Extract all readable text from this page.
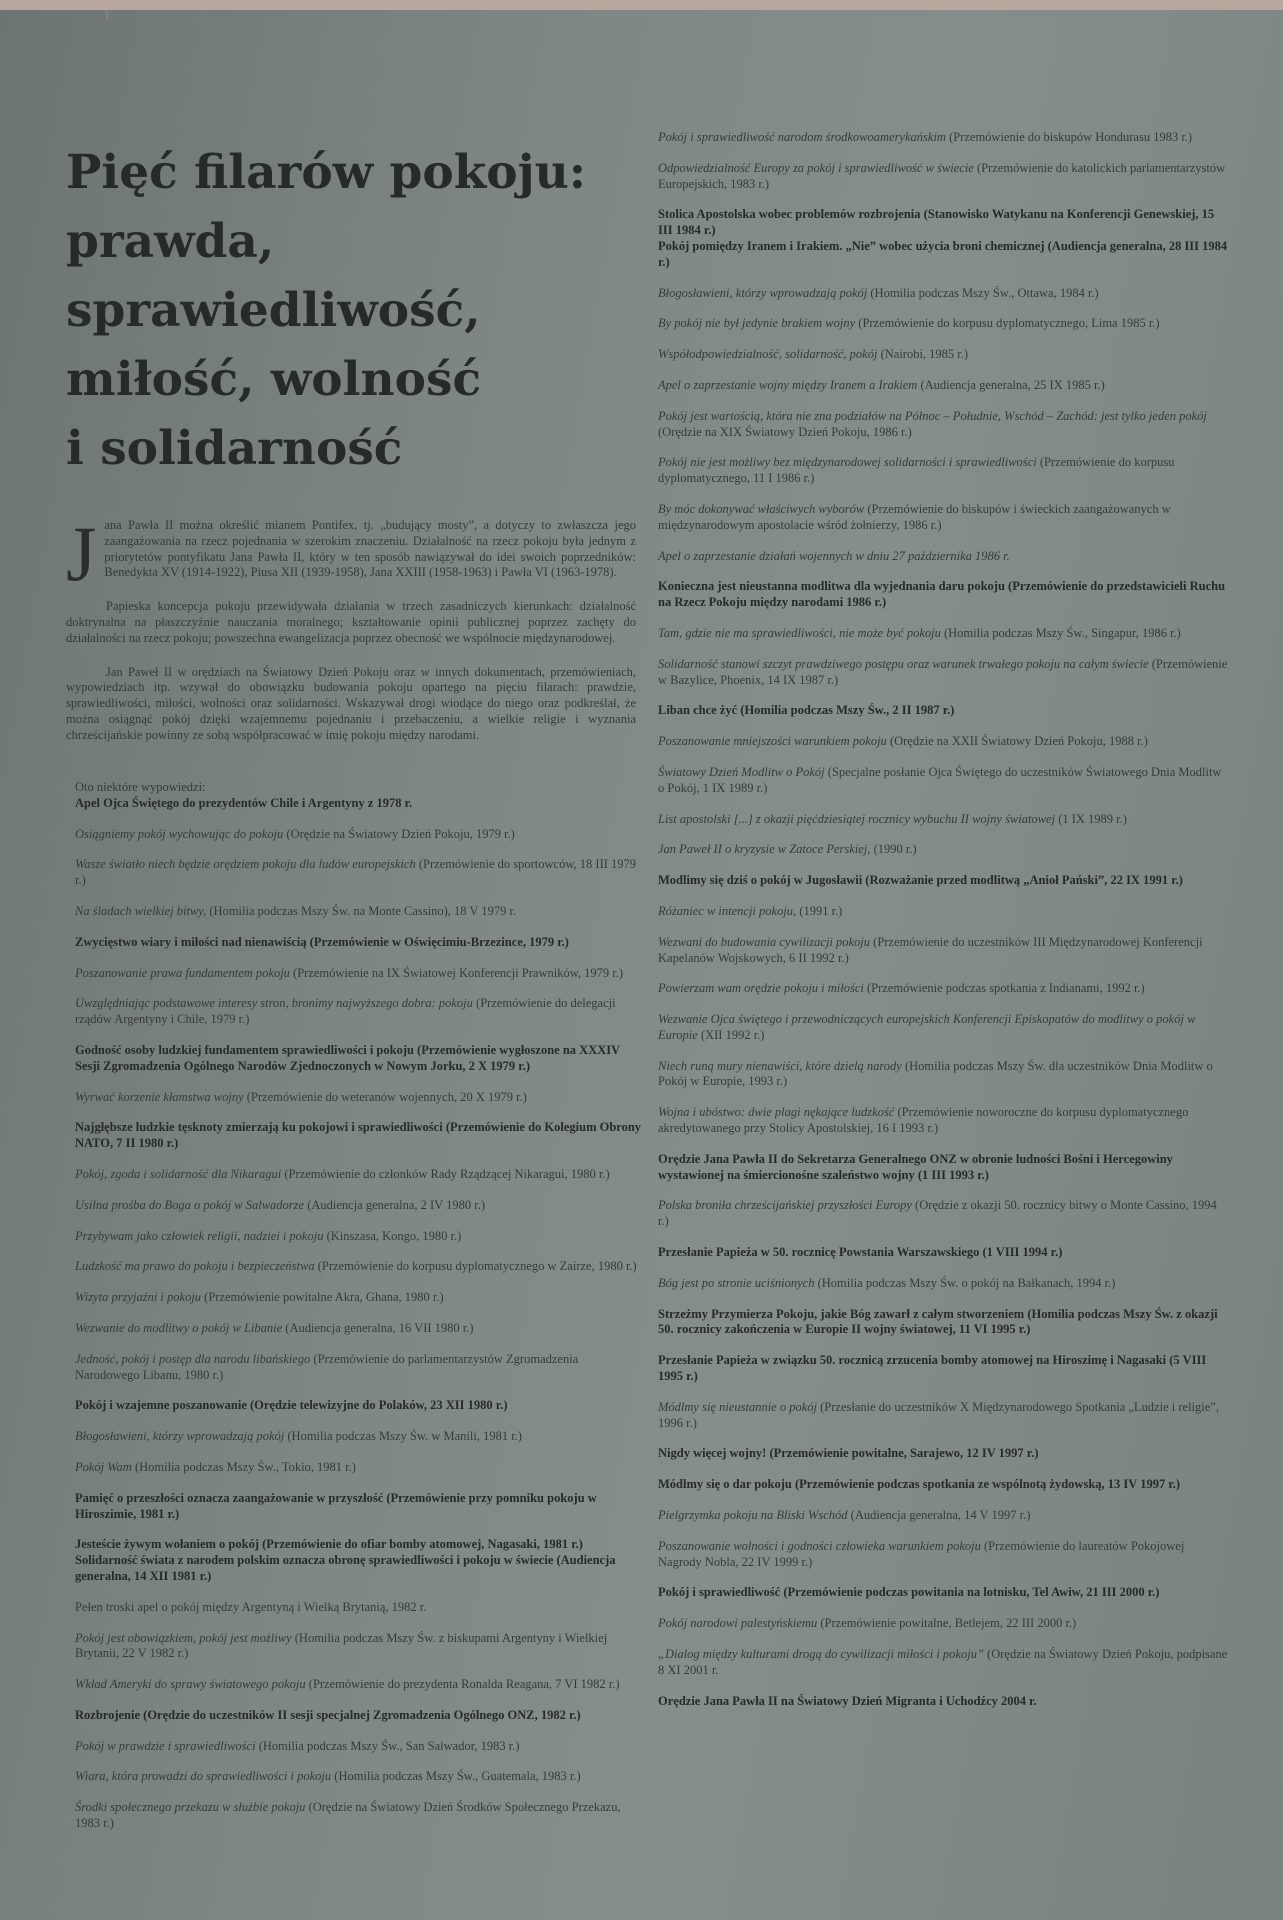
Pięć filarów pokoju:
prawda,
sprawiedliwość,
miłość, wolność
i solidarność

Jana Pawła II można określić mianem Pontifex, tj. „budujący mosty”, a dotyczy to zwłaszcza jego zaangażowania na rzecz pojednania w szerokim znaczeniu. Działalność na rzecz pokoju była jednym z priorytetów pontyfikatu Jana Pawła II, który w ten sposób nawiązywał do idei swoich poprzedników: Benedykta XV (1914-1922), Piusa XII (1939-1958), Jana XXIII (1958-1963) i Pawła VI (1963-1978).

Papieska koncepcja pokoju przewidywała działania w trzech zasadniczych kierunkach: działalność doktrynalna na płaszczyźnie nauczania moralnego; kształtowanie opinii publicznej poprzez zachęty do działalności na rzecz pokoju; powszechna ewangelizacja poprzez obecność we wspólnocie międzynarodowej.

Jan Paweł II w orędziach na Światowy Dzień Pokoju oraz w innych dokumentach, przemówieniach, wypowiedziach itp. wzywał do obowiązku budowania pokoju opartego na pięciu filarach: prawdzie, sprawiedliwości, miłości, wolności oraz solidarności. Wskazywał drogi wiodące do niego oraz podkreślał, że można osiągnąć pokój dzięki wzajemnemu pojednaniu i przebaczeniu, a wielkie religie i wyznania chrześcijańskie powinny ze sobą współpracować w imię pokoju między narodami.

Oto niektóre wypowiedzi:

Apel Ojca Świętego do prezydentów Chile i Argentyny z 1978 r.

Osiągniemy pokój wychowując do pokoju (Orędzie na Światowy Dzień Pokoju, 1979 r.)

Wasze światło niech będzie orędziem pokoju dla ludów europejskich (Przemówienie do sportowców, 18 III 1979 r.)

Na śladach wielkiej bitwy, (Homilia podczas Mszy Św. na Monte Cassino), 18 V 1979 r.

Zwycięstwo wiary i miłości nad nienawiścią (Przemówienie w Oświęcimiu-Brzezince, 1979 r.)

Poszanowanie prawa fundamentem pokoju (Przemówienie na IX Światowej Konferencji Prawników, 1979 r.)

Uwzględniając podstawowe interesy stron, bronimy najwyższego dobra: pokoju (Przemówienie do delegacji rządów Argentyny i Chile, 1979 r.)

Godność osoby ludzkiej fundamentem sprawiedliwości i pokoju (Przemówienie wygłoszone na XXXIV Sesji Zgromadzenia Ogólnego Narodów Zjednoczonych w Nowym Jorku, 2 X 1979 r.)

Wyrwać korzenie kłamstwa wojny (Przemówienie do weteranów wojennych, 20 X 1979 r.)

Najgłębsze ludzkie tęsknoty zmierzają ku pokojowi i sprawiedliwości (Przemówienie do Kolegium Obrony NATO, 7 II 1980 r.)

Pokój, zgoda i solidarność dla Nikaragui (Przemówienie do członków Rady Rządzącej Nikaragui, 1980 r.)

Usilna prośba do Boga o pokój w Salwadorze (Audiencja generalna, 2 IV 1980 r.)

Przybywam jako człowiek religii, nadziei i pokoju (Kinszasa, Kongo, 1980 r.)

Ludzkość ma prawo do pokoju i bezpieczeństwa (Przemówienie do korpusu dyplomatycznego w Zairze, 1980 r.)

Wizyta przyjaźni i pokoju (Przemówienie powitalne Akra, Ghana, 1980 r.)

Wezwanie do modlitwy o pokój w Libanie (Audiencja generalna, 16 VII 1980 r.)

Jedność, pokój i postęp dla narodu libańskiego (Przemówienie do parlamentarzystów Zgromadzenia Narodowego Libanu, 1980 r.)

Pokój i wzajemne poszanowanie (Orędzie telewizyjne do Polaków, 23 XII 1980 r.)

Błogosławieni, którzy wprowadzają pokój (Homilia podczas Mszy Św. w Manili, 1981 r.)

Pokój Wam (Homilia podczas Mszy Św., Tokio, 1981 r.)

Pamięć o przeszłości oznacza zaangażowanie w przyszłość (Przemówienie przy pomniku pokoju w Hiroszimie, 1981 r.)

Jesteście żywym wołaniem o pokój (Przemówienie do ofiar bomby atomowej, Nagasaki, 1981 r.)

Solidarność świata z narodem polskim oznacza obronę sprawiedliwości i pokoju w świecie (Audiencja generalna, 14 XII 1981 r.)

Pełen troski apel o pokój między Argentyną i Wielką Brytanią, 1982 r.

Pokój jest obowiązkiem, pokój jest możliwy (Homilia podczas Mszy Św. z biskupami Argentyny i Wielkiej Brytanii, 22 V 1982 r.)

Wkład Ameryki do sprawy światowego pokoju (Przemówienie do prezydenta Ronalda Reagana, 7 VI 1982 r.)

Rozbrojenie (Orędzie do uczestników II sesji specjalnej Zgromadzenia Ogólnego ONZ, 1982 r.)

Pokój w prawdzie i sprawiedliwości (Homilia podczas Mszy Św., San Salwador, 1983 r.)

Wiara, która prowadzi do sprawiedliwości i pokoju (Homilia podczas Mszy Św., Guatemala, 1983 r.)

Środki społecznego przekazu w służbie pokoju (Orędzie na Światowy Dzień Środków Społecznego Przekazu, 1983 r.)

Pokój i sprawiedliwość narodom środkowoamerykańskim (Przemówienie do biskupów Hondurasu 1983 r.)

Odpowiedzialność Europy za pokój i sprawiedliwość w świecie (Przemówienie do katolickich parlamentarzystów Europejskich, 1983 r.)

Stolica Apostolska wobec problemów rozbrojenia (Stanowisko Watykanu na Konferencji Genewskiej, 15 III 1984 r.)

Pokój pomiędzy Iranem i Irakiem. „Nie” wobec użycia broni chemicznej (Audiencja generalna, 28 III 1984 r.)

Błogosławieni, którzy wprowadzają pokój (Homilia podczas Mszy Św., Ottawa, 1984 r.)

By pokój nie był jedynie brakiem wojny (Przemówienie do korpusu dyplomatycznego, Lima 1985 r.)

Współodpowiedzialność, solidarność, pokój (Nairobi, 1985 r.)

Apel o zaprzestanie wojny między Iranem a Irakiem (Audiencja generalna, 25 IX 1985 r.)

Pokój jest wartością, która nie zna podziałów na Północ – Południe, Wschód – Zachód: jest tylko jeden pokój (Orędzie na XIX Światowy Dzień Pokoju, 1986 r.)

Pokój nie jest możliwy bez międzynarodowej solidarności i sprawiedliwości (Przemówienie do korpusu dyplomatycznego, 11 I 1986 r.)

By móc dokonywać właściwych wyborów (Przemówienie do biskupów i świeckich zaangażowanych w międzynarodowym apostolacie wśród żołnierzy, 1986 r.)

Apel o zaprzestanie działań wojennych w dniu 27 października 1986 r.

Konieczna jest nieustanna modlitwa dla wyjednania daru pokoju (Przemówienie do przedstawicieli Ruchu na Rzecz Pokoju między narodami 1986 r.)

Tam, gdzie nie ma sprawiedliwości, nie może być pokoju (Homilia podczas Mszy Św., Singapur, 1986 r.)

Solidarność stanowi szczyt prawdziwego postępu oraz warunek trwałego pokoju na całym świecie (Przemówienie w Bazylice, Phoenix, 14 IX 1987 r.)

Liban chce żyć (Homilia podczas Mszy Św., 2 II 1987 r.)

Poszanowanie mniejszości warunkiem pokoju (Orędzie na XXII Światowy Dzień Pokoju, 1988 r.)

Światowy Dzień Modlitw o Pokój (Specjalne posłanie Ojca Świętego do uczestników Światowego Dnia Modlitw o Pokój, 1 IX 1989 r.)

List apostolski [...] z okazji pięćdziesiątej rocznicy wybuchu II wojny światowej (1 IX 1989 r.)

Jan Paweł II o kryzysie w Zatoce Perskiej, (1990 r.)

Modlimy się dziś o pokój w Jugosławii (Rozważanie przed modlitwą „Anioł Pański”, 22 IX 1991 r.)

Różaniec w intencji pokoju, (1991 r.)

Wezwani do budowania cywilizacji pokoju (Przemówienie do uczestników III Międzynarodowej Konferencji Kapelanów Wojskowych, 6 II 1992 r.)

Powierzam wam orędzie pokoju i miłości (Przemówienie podczas spotkania z Indianami, 1992 r.)

Wezwanie Ojca świętego i przewodniczących europejskich Konferencji Episkopatów do modlitwy o pokój w Europie (XII 1992 r.)

Niech runą mury nienawiści, które dzielą narody (Homilia podczas Mszy Św. dla uczestników Dnia Modlitw o Pokój w Europie, 1993 r.)

Wojna i ubóstwo: dwie plagi nękające ludzkość (Przemówienie noworoczne do korpusu dyplomatycznego akredytowanego przy Stolicy Apostolskiej, 16 I 1993 r.)

Orędzie Jana Pawła II do Sekretarza Generalnego ONZ w obronie ludności Bośni i Hercegowiny wystawionej na śmiercionośne szaleństwo wojny (1 III 1993 r.)

Polska broniła chrześcijańskiej przyszłości Europy (Orędzie z okazji 50. rocznicy bitwy o Monte Cassino, 1994 r.)

Przesłanie Papieża w 50. rocznicę Powstania Warszawskiego (1 VIII 1994 r.)

Bóg jest po stronie uciśnionych (Homilia podczas Mszy Św. o pokój na Bałkanach, 1994 r.)

Strzeżmy Przymierza Pokoju, jakie Bóg zawarł z całym stworzeniem (Homilia podczas Mszy Św. z okazji 50. rocznicy zakończenia w Europie II wojny światowej, 11 VI 1995 r.)

Przesłanie Papieża w związku 50. rocznicą zrzucenia bomby atomowej na Hiroszimę i Nagasaki (5 VIII 1995 r.)

Módlmy się nieustannie o pokój (Przesłanie do uczestników X Międzynarodowego Spotkania „Ludzie i religie”, 1996 r.)

Nigdy więcej wojny! (Przemówienie powitalne, Sarajewo, 12 IV 1997 r.)

Módlmy się o dar pokoju (Przemówienie podczas spotkania ze wspólnotą żydowską, 13 IV 1997 r.)

Pielgrzymka pokoju na Bliski Wschód (Audiencja generalna, 14 V 1997 r.)

Poszanowanie wolności i godności człowieka warunkiem pokoju (Przemówienie do laureatów Pokojowej Nagrody Nobla, 22 IV 1999 r.)

Pokój i sprawiedliwość (Przemówienie podczas powitania na lotnisku, Tel Awiw, 21 III 2000 r.)

Pokój narodowi palestyńskiemu (Przemówienie powitalne, Betlejem, 22 III 2000 r.)

„Dialog między kulturami drogą do cywilizacji miłości i pokoju” (Orędzie na Światowy Dzień Pokoju, podpisane 8 XI 2001 r.

Orędzie Jana Pawła II na Światowy Dzień Migranta i Uchodźcy 2004 r.
